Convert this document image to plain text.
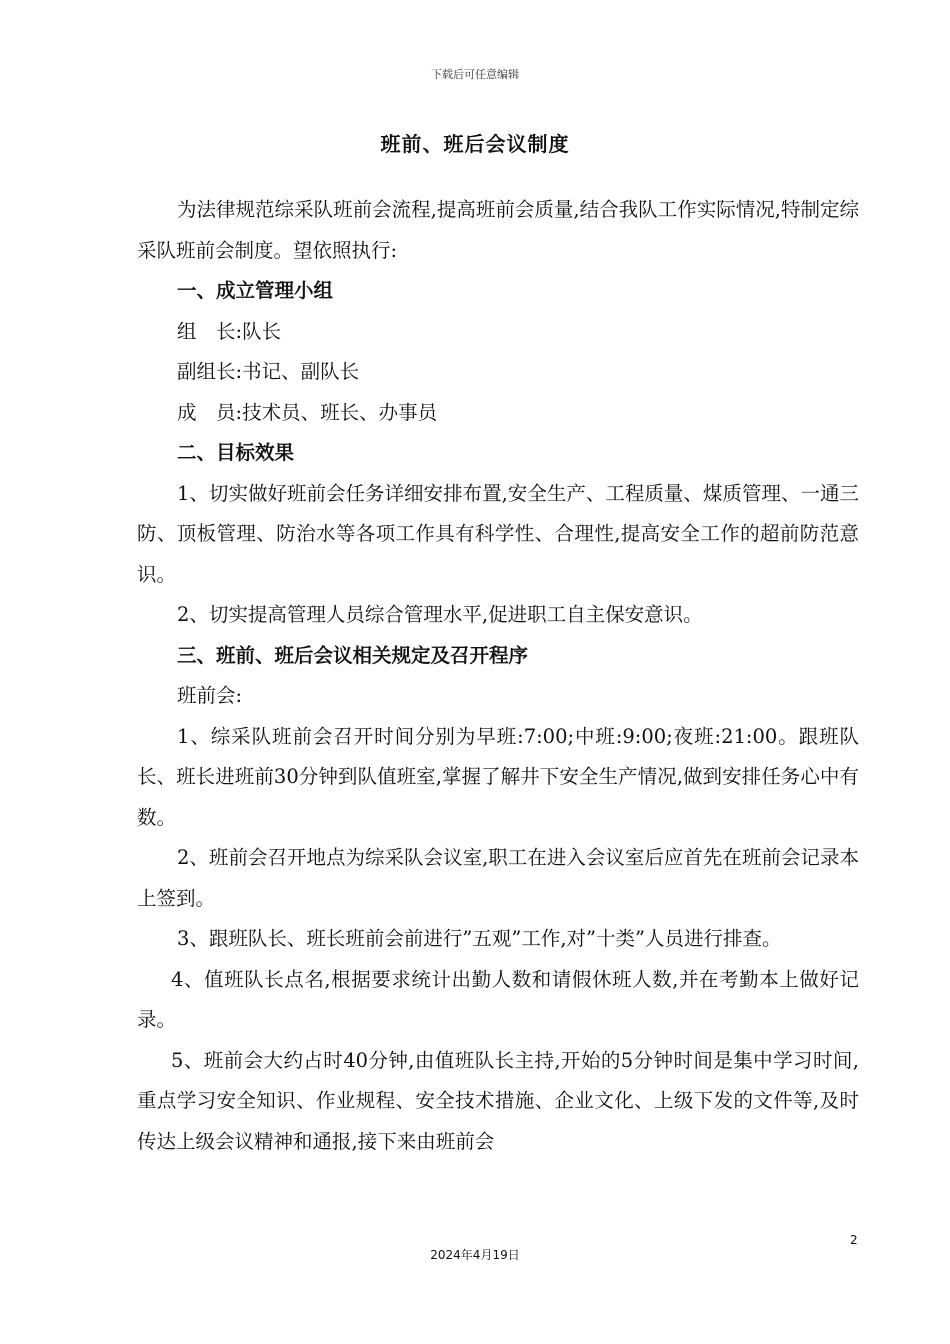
下载后可任意编辑
班前、班后会议制度

为法律规范综采队班前会流程,提高班前会质量,结合我队工作实际情况,特制定综采队班前会制度。望依照执行:

一、成立管理小组

组　长:队长

副组长:书记、副队长

成　员:技术员、班长、办事员

二、目标效果

1、切实做好班前会任务详细安排布置,安全生产、工程质量、煤质管理、一通三防、顶板管理、防治水等各项工作具有科学性、合理性,提高安全工作的超前防范意识。

2、切实提高管理人员综合管理水平,促进职工自主保安意识。

三、班前、班后会议相关规定及召开程序

班前会:

1、综采队班前会召开时间分别为早班:7:00;中班:9:00;夜班:21:00。跟班队长、班长进班前30分钟到队值班室,掌握了解井下安全生产情况,做到安排任务心中有数。

2、班前会召开地点为综采队会议室,职工在进入会议室后应首先在班前会记录本上签到。

3、跟班队长、班长班前会前进行”五观”工作,对”十类”人员进行排查。

4、值班队长点名,根据要求统计出勤人数和请假休班人数,并在考勤本上做好记录。

5、班前会大约占时40分钟,由值班队长主持,开始的5分钟时间是集中学习时间,重点学习安全知识、作业规程、安全技术措施、企业文化、上级下发的文件等,及时传达上级会议精神和通报,接下来由班前会

2
2024年4月19日
